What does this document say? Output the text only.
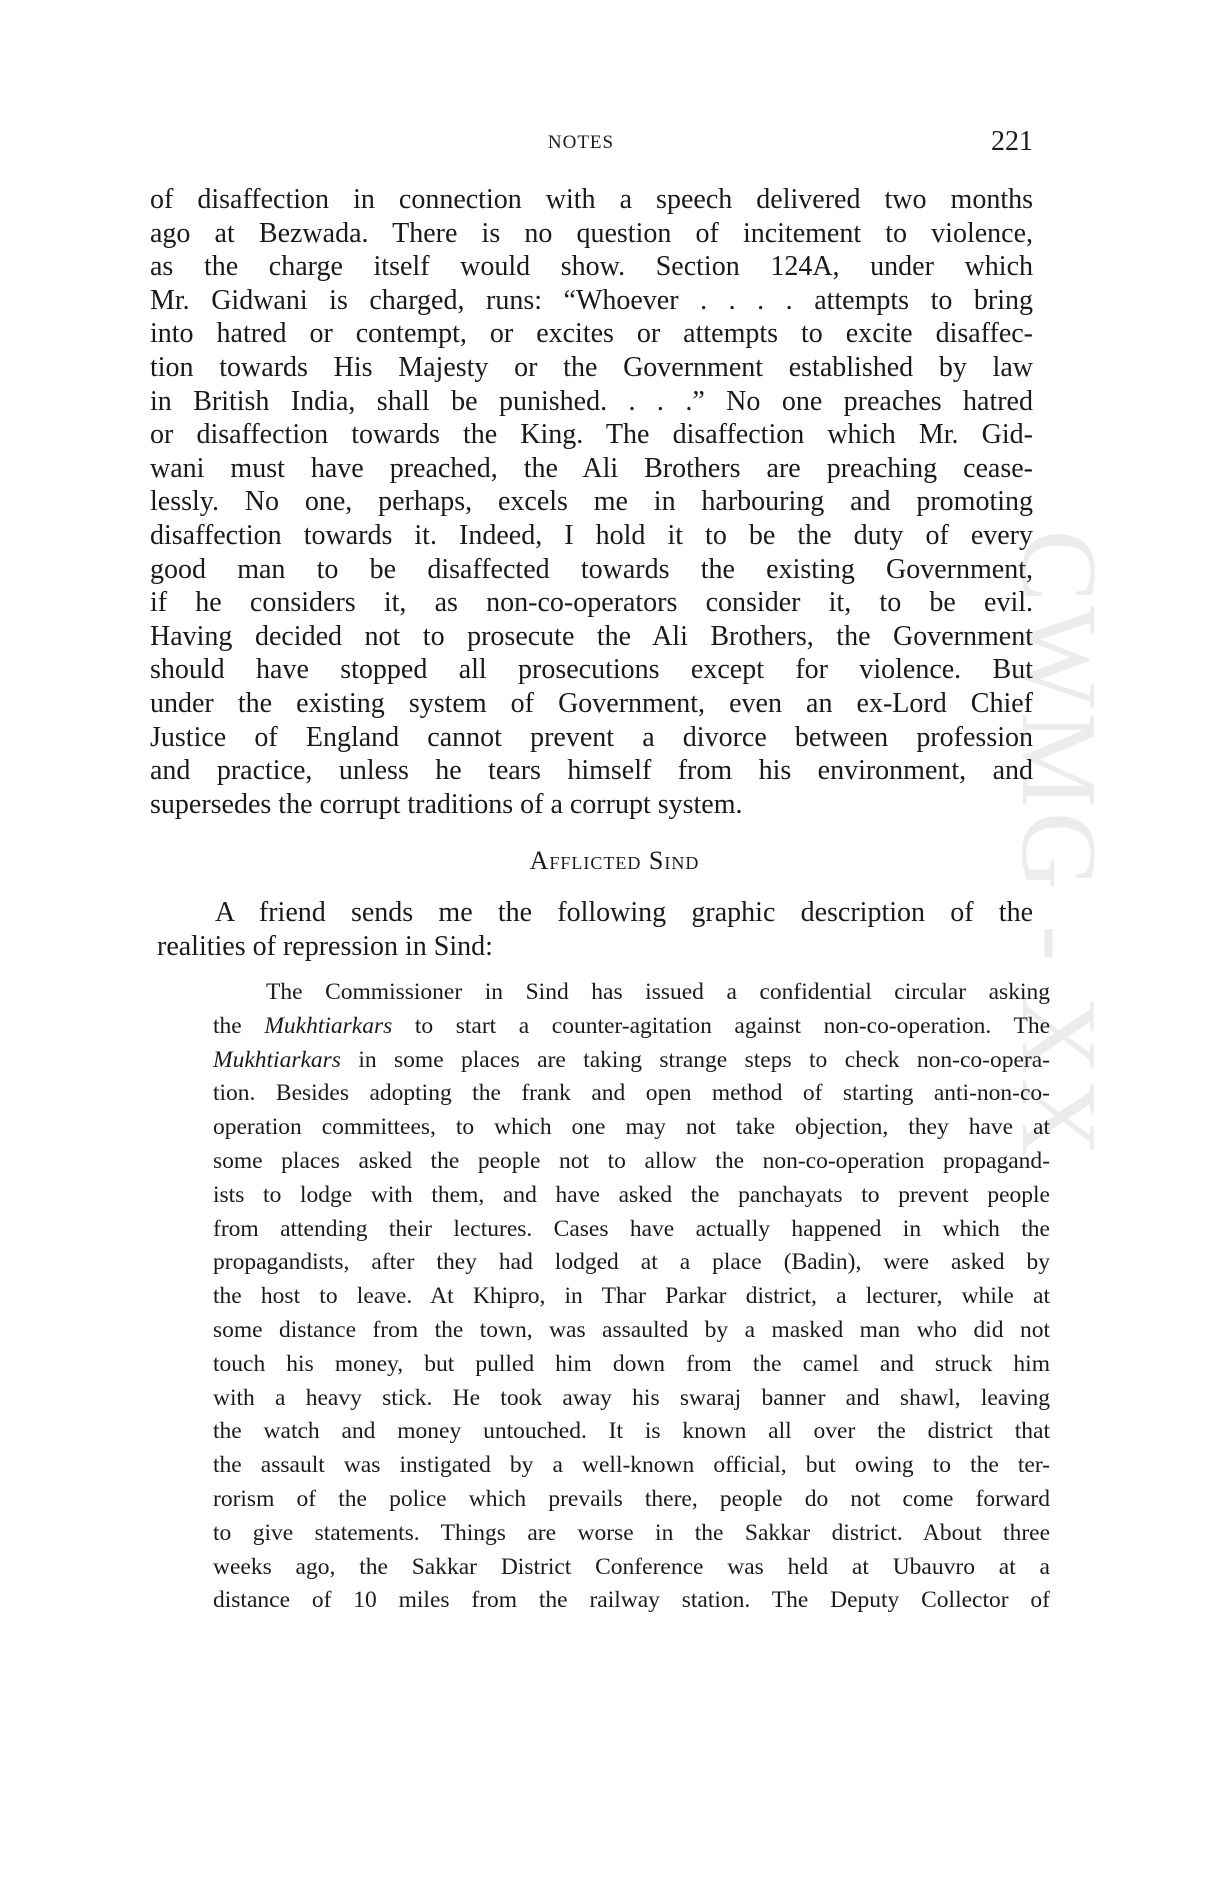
CWMG - XX
NOTES	221
of disaffection in connection with a speech delivered two months
ago at Bezwada. There is no question of incitement to violence,
as the charge itself would show. Section 124A, under which
Mr. Gidwani is charged, runs: “Whoever . . . . attempts to bring
into hatred or contempt, or excites or attempts to excite disaffec-
tion towards His Majesty or the Government established by law
in British India, shall be punished. . . .” No one preaches hatred
or disaffection towards the King. The disaffection which Mr. Gid-
wani must have preached, the Ali Brothers are preaching cease-
lessly. No one, perhaps, excels me in harbouring and promoting
disaffection towards it. Indeed, I hold it to be the duty of every
good man to be disaffected towards the existing Government,
if he considers it, as non-co-operators consider it, to be evil.
Having decided not to prosecute the Ali Brothers, the Government
should have stopped all prosecutions except for violence. But
under the existing system of Government, even an ex-Lord Chief
Justice of England cannot prevent a divorce between profession
and practice, unless he tears himself from his environment, and
supersedes the corrupt traditions of a corrupt system.
Afflicted Sind
A friend sends me the following graphic description of the
realities of repression in Sind:
The Commissioner in Sind has issued a confidential circular asking
the Mukhtiarkars to start a counter-agitation against non-co-operation. The
Mukhtiarkars in some places are taking strange steps to check non-co-opera-
tion. Besides adopting the frank and open method of starting anti-non-co-
operation committees, to which one may not take objection, they have at
some places asked the people not to allow the non-co-operation propagand-
ists to lodge with them, and have asked the panchayats to prevent people
from attending their lectures. Cases have actually happened in which the
propagandists, after they had lodged at a place (Badin), were asked by
the host to leave. At Khipro, in Thar Parkar district, a lecturer, while at
some distance from the town, was assaulted by a masked man who did not
touch his money, but pulled him down from the camel and struck him
with a heavy stick. He took away his swaraj banner and shawl, leaving
the watch and money untouched. It is known all over the district that
the assault was instigated by a well-known official, but owing to the ter-
rorism of the police which prevails there, people do not come forward
to give statements. Things are worse in the Sakkar district. About three
weeks ago, the Sakkar District Conference was held at Ubauvro at a
distance of 10 miles from the railway station. The Deputy Collector of
